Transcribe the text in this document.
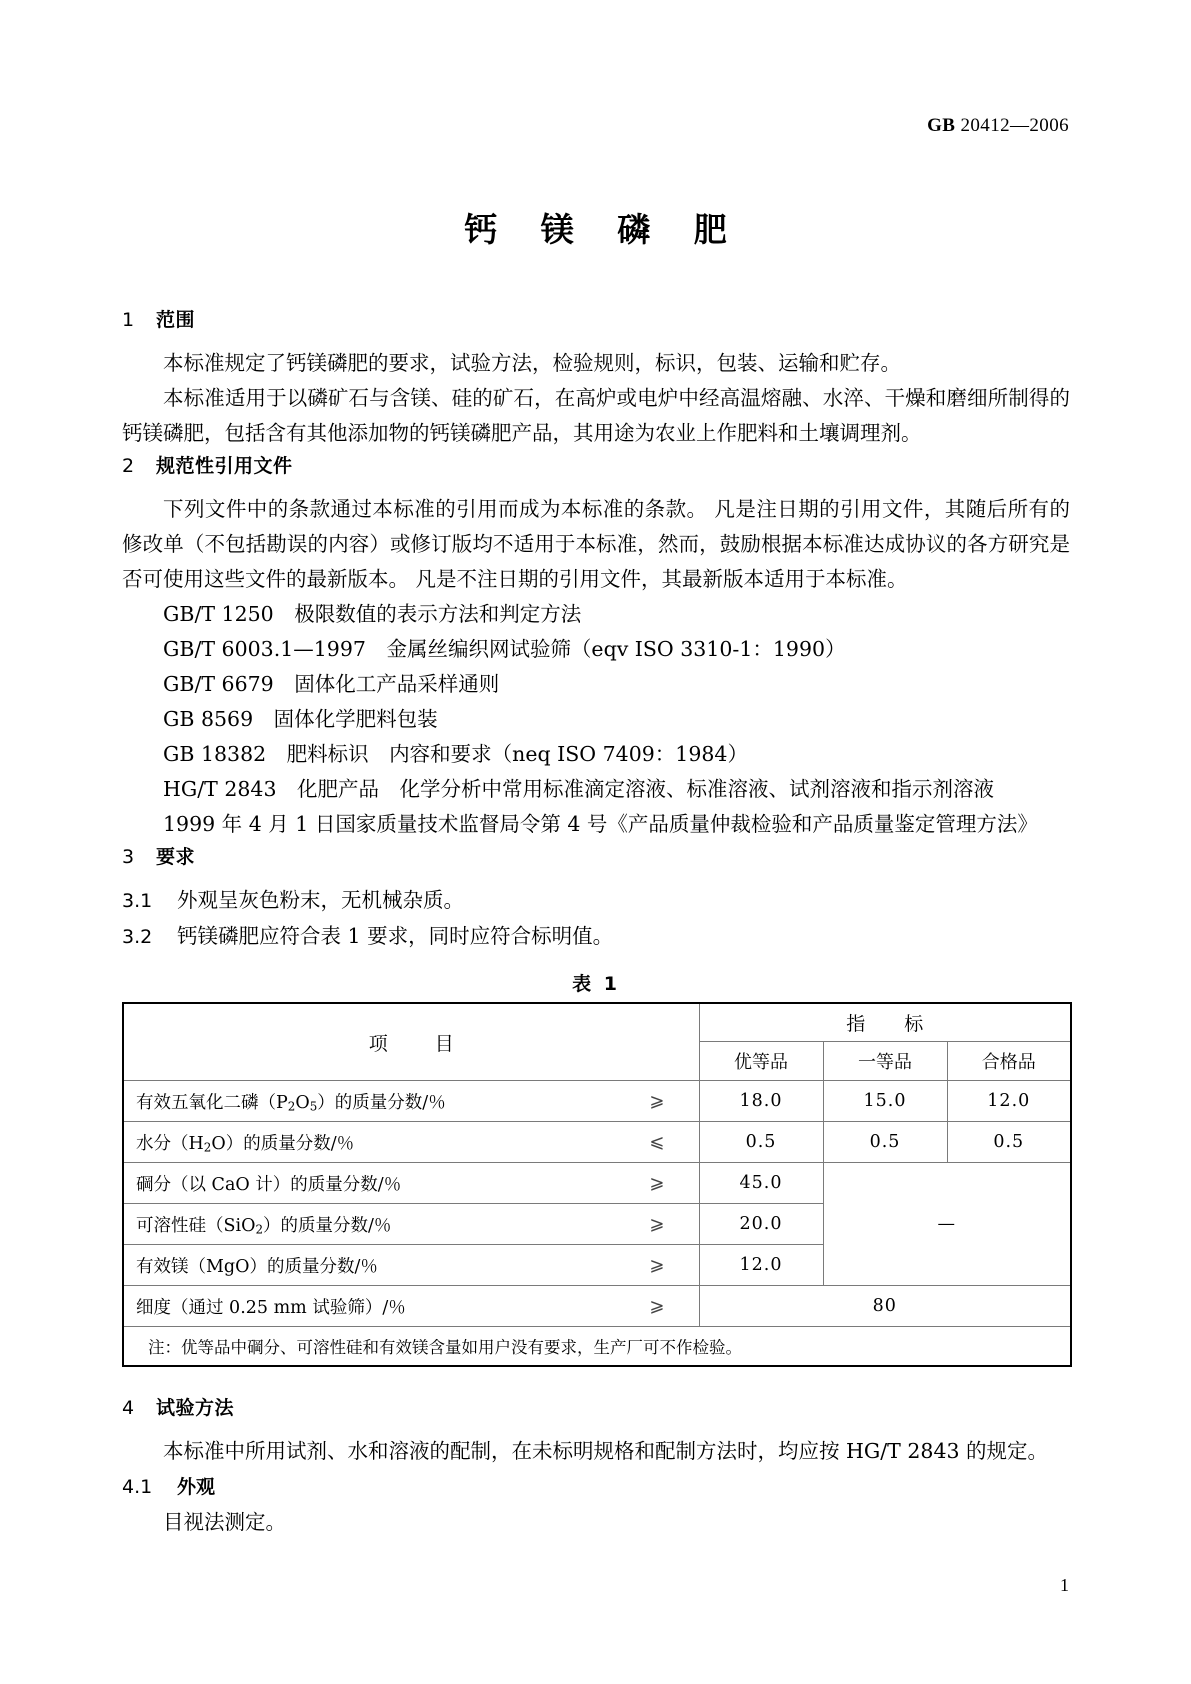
GB 20412—2006
钙 镁 磷 肥
1 范围

本标准规定了钙镁磷肥的要求，试验方法，检验规则，标识，包装、运输和贮存。

本标准适用于以磷矿石与含镁、硅的矿石，在高炉或电炉中经高温熔融、水淬、干燥和磨细所制得的钙镁磷肥，包括含有其他添加物的钙镁磷肥产品，其用途为农业上作肥料和土壤调理剂。

2 规范性引用文件

下列文件中的条款通过本标准的引用而成为本标准的条款。 凡是注日期的引用文件，其随后所有的修改单（不包括勘误的内容）或修订版均不适用于本标准，然而，鼓励根据本标准达成协议的各方研究是否可使用这些文件的最新版本。 凡是不注日期的引用文件，其最新版本适用于本标准。

GB/T 1250 极限数值的表示方法和判定方法

GB/T 6003.1—1997 金属丝编织网试验筛（eqv ISO 3310-1：1990）

GB/T 6679 固体化工产品采样通则

GB 8569 固体化学肥料包装

GB 18382 肥料标识 内容和要求（neq ISO 7409：1984）

HG/T 2843 化肥产品 化学分析中常用标准滴定溶液、标准溶液、试剂溶液和指示剂溶液

1999 年 4 月 1 日国家质量技术监督局令第 4 号《产品质量仲裁检验和产品质量鉴定管理方法》

3 要求

3.1 外观呈灰色粉末，无机械杂质。

3.2 钙镁磷肥应符合表 1 要求，同时应符合标明值。

表 1
项　目	指　标		
	优等品	一等品	合格品
有效五氧化二磷$(P_2O_5)$的质量分数/％ ⩾	18.0	15.0	12.0
水分$(H_2O)$的质量分数/％ ⩽	0.5	0.5	0.5
碙分（以 CaO 计）的质量分数/％ ⩾	45.0	—	
可溶性硅（SiO$_2$）的质量分数/％ ⩾	20.0		
有效镁（MgO）的质量分数/％ ⩾	12.0		
细度（通过 0.25 mm 试验筛）/％ ⩾	80		
注：优等品中碙分、可溶性硅和有效镁含量如用户没有要求，生产厂可不作检验。			
4 试验方法

本标准中所用试剂、水和溶液的配制，在未标明规格和配制方法时，均应按 HG/T 2843 的规定。

4.1 外观

目视法测定。

1
